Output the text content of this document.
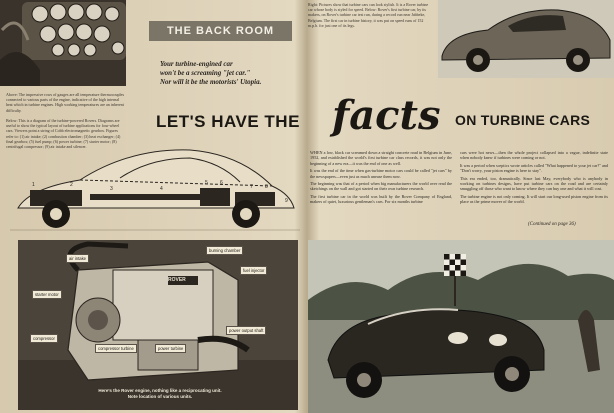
Above: The impressive rows of gauges are all temperature thermocouples connected to various parts of the engine, indicative of the high internal heat which in turbine engines. High working temperatures are an inherent difficulty.
Below: This is a diagram of the turbine-powered Rovers. Diagrams are useful to show the typical layout of turbine applications for four-wheel cars. Viewers point a string of Cobb electromagnetic gearbox. Figures refer to: (1) air intake; (2) combustion chamber; (3) heat exchanger; (4) final gearbox; (5) fuel pump; (6) power turbine; (7) starter motor; (8) centrifugal compressor; (9) air intake and silencer.
THE BACK ROOM
Your turbine-engined car
won't be a screaming "jet car."
Nor will it be the motorists' Utopia.
LET'S HAVE THE facts ON TURBINE CARS
1	2
3	4
5 6
7 8
9
ROVER
air intake
burning chamber
fuel injector
starter motor
compressor
compressor turbine	power turbine
power output shaft
Here's the Rover engine, nothing like a reciprocating unit. Note location of various units.
Right: Pictures show that turbine cars can look stylish. It is a Rover turbine car whose body is styled for speed. Below: Rover's first turbine car, by its makers, on Rover's turbine car test run, during a record run near Jabbeke, Belgium. The first car in turbine history, it was put on speed runs of 152 m.p.h. for just one of its legs.

WHEN a low, black car screamed down a straight concrete road in Belgium in June, 1952, and established the world's first turbine car class records, it was not only the beginning of a new era—it was the end of one as well.

It was the end of the time when gas-turbine motor cars could be called "jet cars" by the newspapers—even just as much unease them now.

The beginning was that of a period when big manufacturers the world over read the sketchings on the wall and got started on their own turbine research.

The first turbine car in the world was built by the Rover Company of England, makers of quiet, luxurious gentleman's cars. For six months turbine

cars were hot news—then the whole project collapsed into a vague, indefinite state when nobody knew if turbines were coming or not.

It was a period when sceptics wrote articles called "What happened to your jet car?" and "Don't worry, your piston engine is here to stay".

This era ended, too, dramatically. Since last May, everybody who is anybody in working on turbines designs, have put turbine cars on the road and are certainly smuggling off those who want to know where they can buy one and what it will cost.

The turbine engine is not only coming. It will start our long-used piston engine from its place as the prime mover of the world.

(Continued on page 36)
